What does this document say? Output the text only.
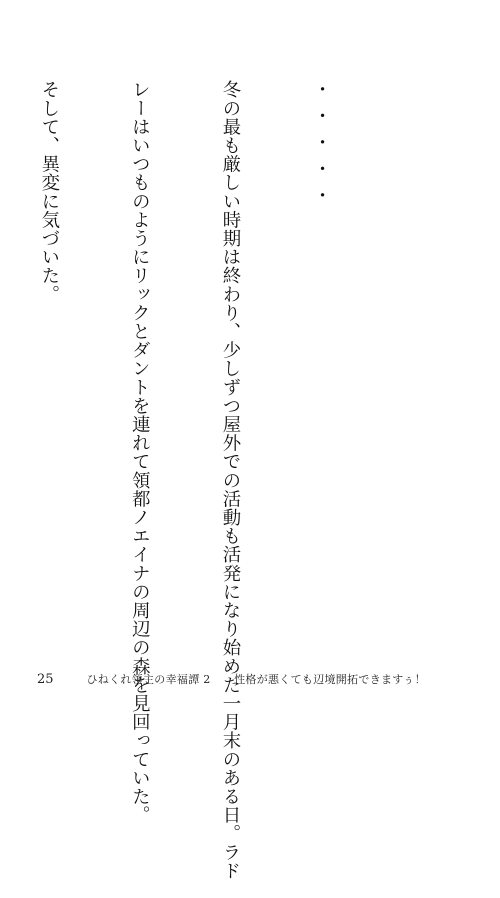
・・・・・

冬の最も厳しい時期は終わり、少しずつ屋外での活動も活発になり始めた一月末のある日。ラド

レーはいつものようにリックとダントを連れて領都ノエイナの周辺の森を見回っていた。

そして、異変に気づいた。

25	ひねくれ領主の幸福譚 2 性格が悪くても辺境開拓できますぅ！
